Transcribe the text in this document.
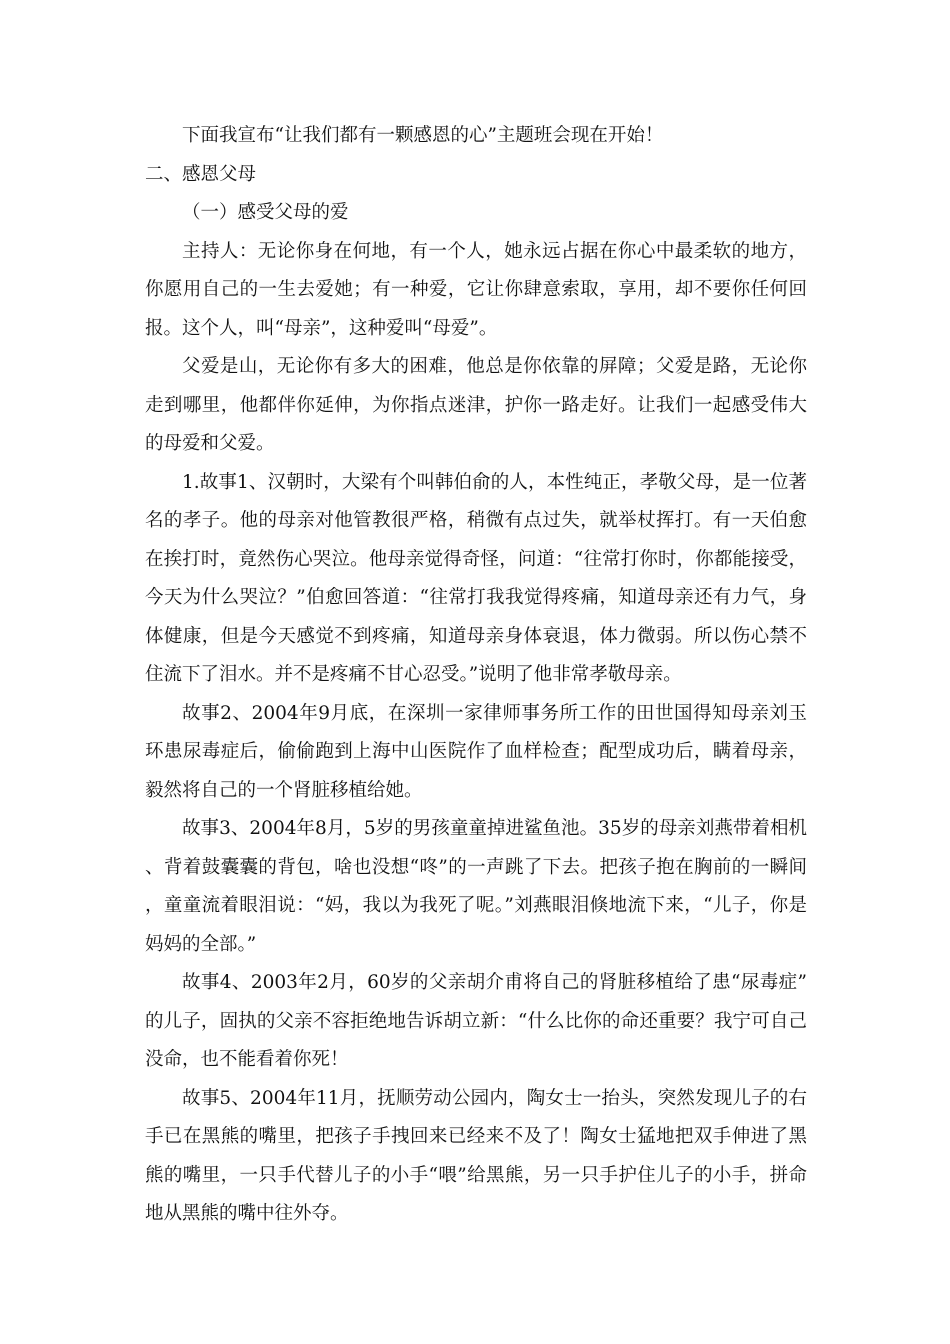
下面我宣布“让我们都有一颗感恩的心”主题班会现在开始！

二、感恩父母

（一）感受父母的爱

主持人：无论你身在何地，有一个人，她永远占据在你心中最柔软的地方，你愿用自己的一生去爱她；有一种爱，它让你肆意索取，享用，却不要你任何回报。这个人，叫“母亲”，这种爱叫“母爱”。

父爱是山，无论你有多大的困难，他总是你依靠的屏障；父爱是路，无论你走到哪里，他都伴你延伸，为你指点迷津，护你一路走好。让我们一起感受伟大的母爱和父爱。

1.故事1、汉朝时，大梁有个叫韩伯俞的人，本性纯正，孝敬父母，是一位著名的孝子。他的母亲对他管教很严格，稍微有点过失，就举杖挥打。有一天伯愈在挨打时，竟然伤心哭泣。他母亲觉得奇怪，问道：“往常打你时，你都能接受，今天为什么哭泣？”伯愈回答道：“往常打我我觉得疼痛，知道母亲还有力气，身体健康，但是今天感觉不到疼痛，知道母亲身体衰退，体力微弱。所以伤心禁不住流下了泪水。并不是疼痛不甘心忍受。”说明了他非常孝敬母亲。

故事2、2004年9月底，在深圳一家律师事务所工作的田世国得知母亲刘玉环患尿毒症后，偷偷跑到上海中山医院作了血样检查；配型成功后，瞒着母亲，毅然将自己的一个肾脏移植给她。

故事3、2004年8月，5岁的男孩童童掉进鲨鱼池。35岁的母亲刘燕带着相机、背着鼓囊囊的背包，啥也没想“咚”的一声跳了下去。把孩子抱在胸前的一瞬间，童童流着眼泪说：“妈，我以为我死了呢。”刘燕眼泪倏地流下来，“儿子，你是妈妈的全部。”

故事4、2003年2月，60岁的父亲胡介甫将自己的肾脏移植给了患“尿毒症”的儿子，固执的父亲不容拒绝地告诉胡立新：“什么比你的命还重要？我宁可自己没命，也不能看着你死！

故事5、2004年11月，抚顺劳动公园内，陶女士一抬头，突然发现儿子的右手已在黑熊的嘴里，把孩子手拽回来已经来不及了！陶女士猛地把双手伸进了黑熊的嘴里，一只手代替儿子的小手“喂”给黑熊，另一只手护住儿子的小手，拼命地从黑熊的嘴中往外夺。
